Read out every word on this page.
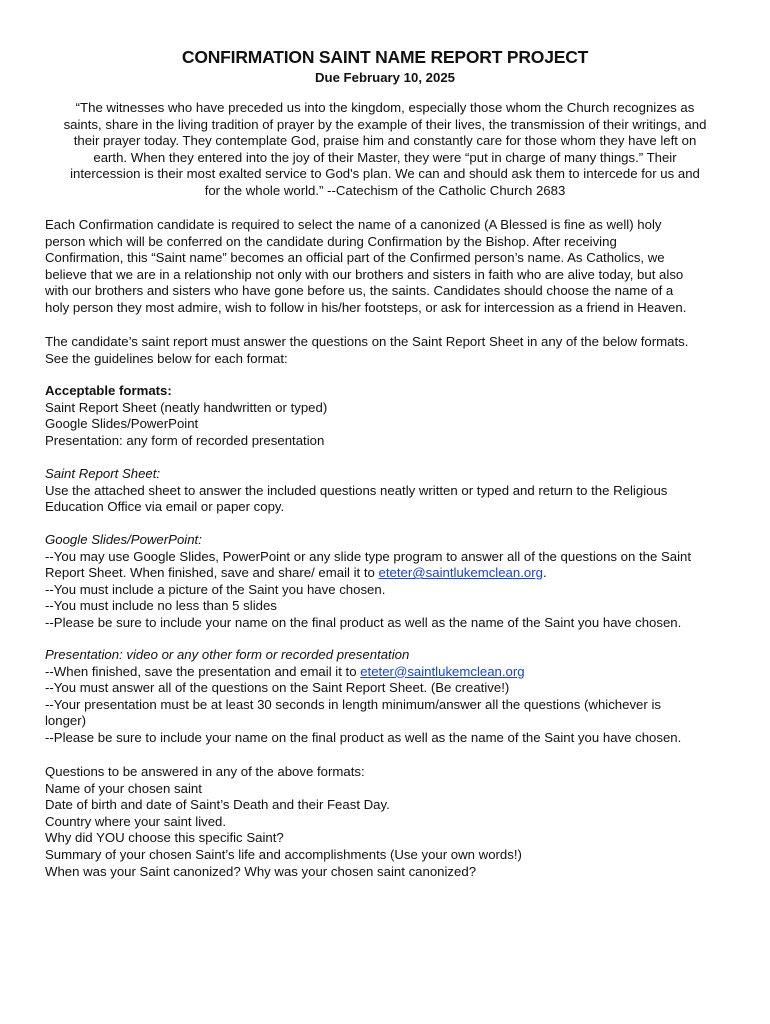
CONFIRMATION SAINT NAME REPORT PROJECT
Due February 10, 2025
“The witnesses who have preceded us into the kingdom, especially those whom the Church recognizes as
saints, share in the living tradition of prayer by the example of their lives, the transmission of their writings, and
their prayer today. They contemplate God, praise him and constantly care for those whom they have left on
earth. When they entered into the joy of their Master, they were “put in charge of many things.” Their
intercession is their most exalted service to God's plan. We can and should ask them to intercede for us and
for the whole world.” --Catechism of the Catholic Church 2683
Each Confirmation candidate is required to select the name of a canonized (A Blessed is fine as well) holy
person which will be conferred on the candidate during Confirmation by the Bishop. After receiving
Confirmation, this “Saint name” becomes an official part of the Confirmed person’s name. As Catholics, we
believe that we are in a relationship not only with our brothers and sisters in faith who are alive today, but also
with our brothers and sisters who have gone before us, the saints. Candidates should choose the name of a
holy person they most admire, wish to follow in his/her footsteps, or ask for intercession as a friend in Heaven.
The candidate’s saint report must answer the questions on the Saint Report Sheet in any of the below formats.
See the guidelines below for each format:
Acceptable formats:
Saint Report Sheet (neatly handwritten or typed)
Google Slides/PowerPoint
Presentation: any form of recorded presentation
Saint Report Sheet:
Use the attached sheet to answer the included questions neatly written or typed and return to the Religious
Education Office via email or paper copy.
Google Slides/PowerPoint:
--You may use Google Slides, PowerPoint or any slide type program to answer all of the questions on the Saint
Report Sheet. When finished, save and share/ email it to eteter@saintlukemclean.org.
--You must include a picture of the Saint you have chosen.
--You must include no less than 5 slides
--Please be sure to include your name on the final product as well as the name of the Saint you have chosen.
Presentation: video or any other form or recorded presentation
--When finished, save the presentation and email it to eteter@saintlukemclean.org
--You must answer all of the questions on the Saint Report Sheet. (Be creative!)
--Your presentation must be at least 30 seconds in length minimum/answer all the questions (whichever is
longer)
--Please be sure to include your name on the final product as well as the name of the Saint you have chosen.
Questions to be answered in any of the above formats:
Name of your chosen saint
Date of birth and date of Saint’s Death and their Feast Day.
Country where your saint lived.
Why did YOU choose this specific Saint?
Summary of your chosen Saint’s life and accomplishments (Use your own words!)
When was your Saint canonized? Why was your chosen saint canonized?
